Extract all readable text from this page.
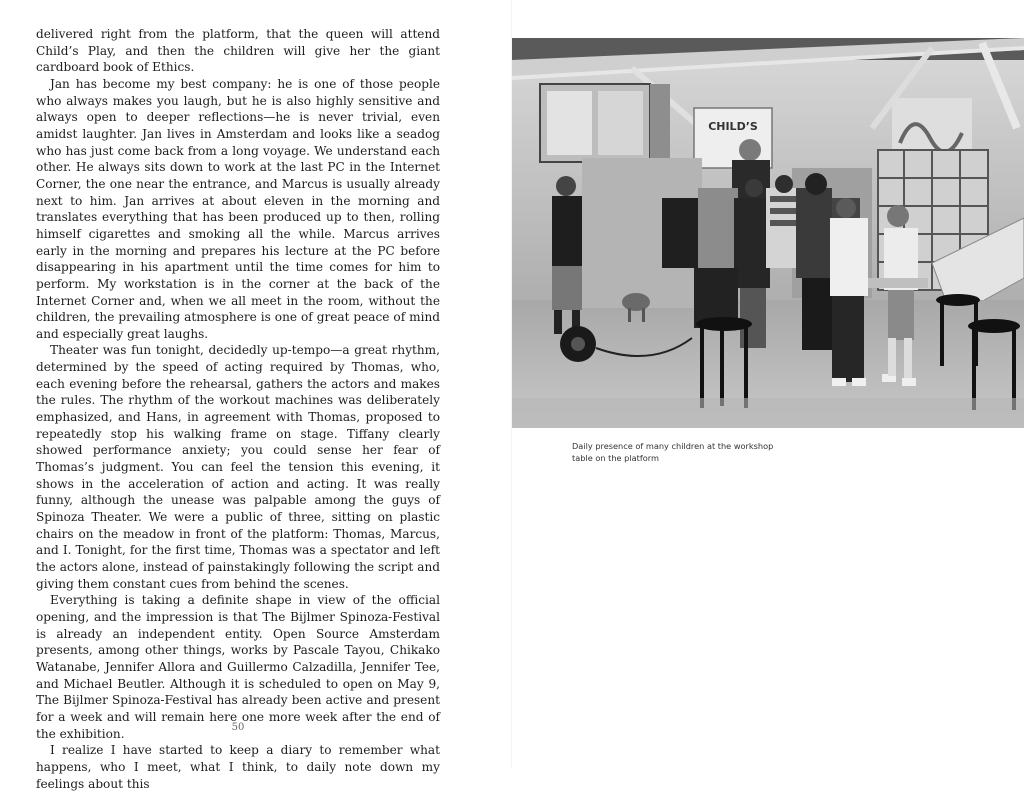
delivered right from the platform, that the queen will attend Child’s Play, and then the children will give her the giant cardboard book of Ethics.

Jan has become my best company: he is one of those people who always makes you laugh, but he is also highly sensitive and always open to deeper reflections—he is never trivial, even amidst laughter. Jan lives in Amsterdam and looks like a seadog who has just come back from a long voyage. We understand each other. He always sits down to work at the last PC in the Internet Corner, the one near the entrance, and Marcus is usually already next to him. Jan arrives at about eleven in the morning and translates everything that has been produced up to then, rolling himself cigarettes and smoking all the while. Marcus arrives early in the morning and prepares his lecture at the PC before disappearing in his apartment until the time comes for him to perform. My workstation is in the corner at the back of the Internet Corner and, when we all meet in the room, without the children, the prevailing atmosphere is one of great peace of mind and especially great laughs.

Theater was fun tonight, decidedly up-tempo—a great rhythm, determined by the speed of acting required by Thomas, who, each evening before the rehearsal, gathers the actors and makes the rules. The rhythm of the workout machines was deliberately emphasized, and Hans, in agreement with Thomas, proposed to repeatedly stop his walking frame on stage. Tiffany clearly showed performance anxiety; you could sense her fear of Thomas’s judgment. You can feel the tension this evening, it shows in the acceleration of action and acting. It was really funny, although the unease was palpable among the guys of Spinoza Theater. We were a public of three, sitting on plastic chairs on the meadow in front of the platform: Thomas, Marcus, and I. Tonight, for the first time, Thomas was a spectator and left the actors alone, instead of painstakingly following the script and giving them constant cues from behind the scenes.

Everything is taking a definite shape in view of the official opening, and the impression is that The Bijlmer Spinoza-Festival is already an independent entity. Open Source Amsterdam presents, among other things, works by Pascale Tayou, Chikako Watanabe, Jennifer Allora and Guillermo Calzadilla, Jennifer Tee, and Michael Beutler. Although it is scheduled to open on May 9, The Bijlmer Spinoza-Festival has already been active and present for a week and will remain here one more week after the end of the exhibition.

I realize I have started to keep a diary to remember what happens, who I meet, what I think, to daily note down my feelings about this

50
CHILD’S
Daily presence of many children at the workshop table on the platform
